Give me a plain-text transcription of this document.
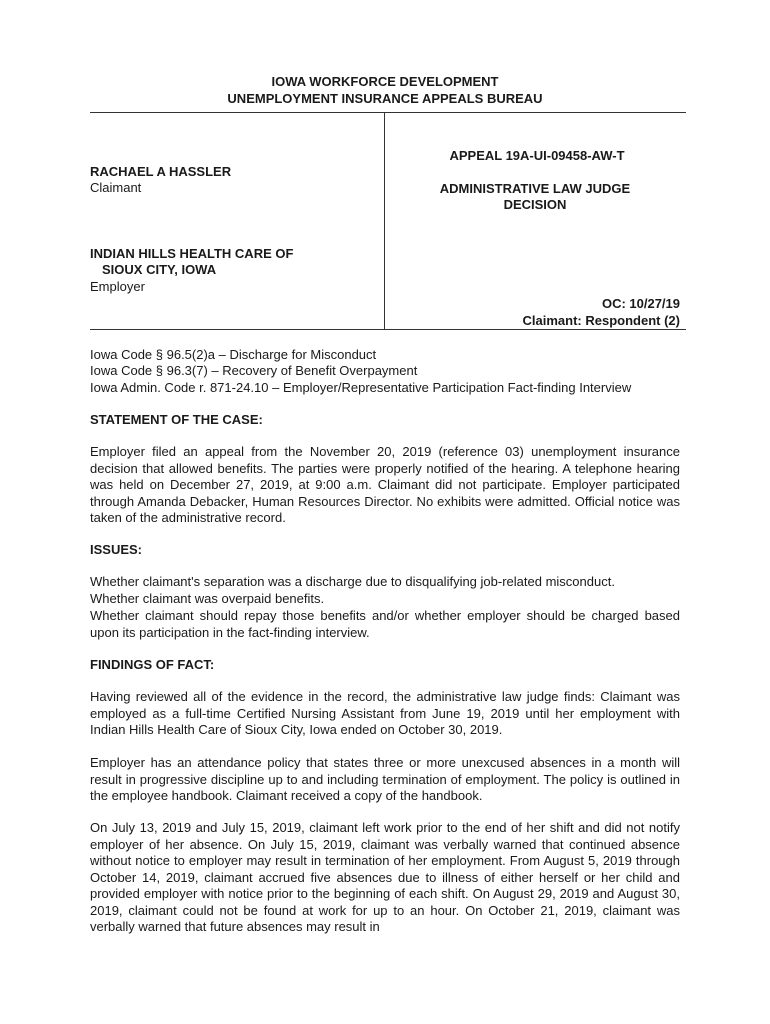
IOWA WORKFORCE DEVELOPMENT
UNEMPLOYMENT INSURANCE APPEALS BUREAU
RACHAEL A HASSLER
Claimant
INDIAN HILLS HEALTH CARE OF
SIOUX CITY, IOWA
Employer
APPEAL 19A-UI-09458-AW-T
ADMINISTRATIVE LAW JUDGE
DECISION
OC: 10/27/19
Claimant: Respondent (2)
Iowa Code § 96.5(2)a – Discharge for Misconduct
Iowa Code § 96.3(7) – Recovery of Benefit Overpayment
Iowa Admin. Code r. 871-24.10 – Employer/Representative Participation Fact-finding Interview
STATEMENT OF THE CASE:
Employer filed an appeal from the November 20, 2019 (reference 03) unemployment insurance decision that allowed benefits. The parties were properly notified of the hearing. A telephone hearing was held on December 27, 2019, at 9:00 a.m. Claimant did not participate. Employer participated through Amanda Debacker, Human Resources Director. No exhibits were admitted. Official notice was taken of the administrative record.
ISSUES:
Whether claimant's separation was a discharge due to disqualifying job-related misconduct.
Whether claimant was overpaid benefits.
Whether claimant should repay those benefits and/or whether employer should be charged based upon its participation in the fact-finding interview.
FINDINGS OF FACT:
Having reviewed all of the evidence in the record, the administrative law judge finds: Claimant was employed as a full-time Certified Nursing Assistant from June 19, 2019 until her employment with Indian Hills Health Care of Sioux City, Iowa ended on October 30, 2019.
Employer has an attendance policy that states three or more unexcused absences in a month will result in progressive discipline up to and including termination of employment. The policy is outlined in the employee handbook. Claimant received a copy of the handbook.
On July 13, 2019 and July 15, 2019, claimant left work prior to the end of her shift and did not notify employer of her absence. On July 15, 2019, claimant was verbally warned that continued absence without notice to employer may result in termination of her employment. From August 5, 2019 through October 14, 2019, claimant accrued five absences due to illness of either herself or her child and provided employer with notice prior to the beginning of each shift. On August 29, 2019 and August 30, 2019, claimant could not be found at work for up to an hour. On October 21, 2019, claimant was verbally warned that future absences may result in
